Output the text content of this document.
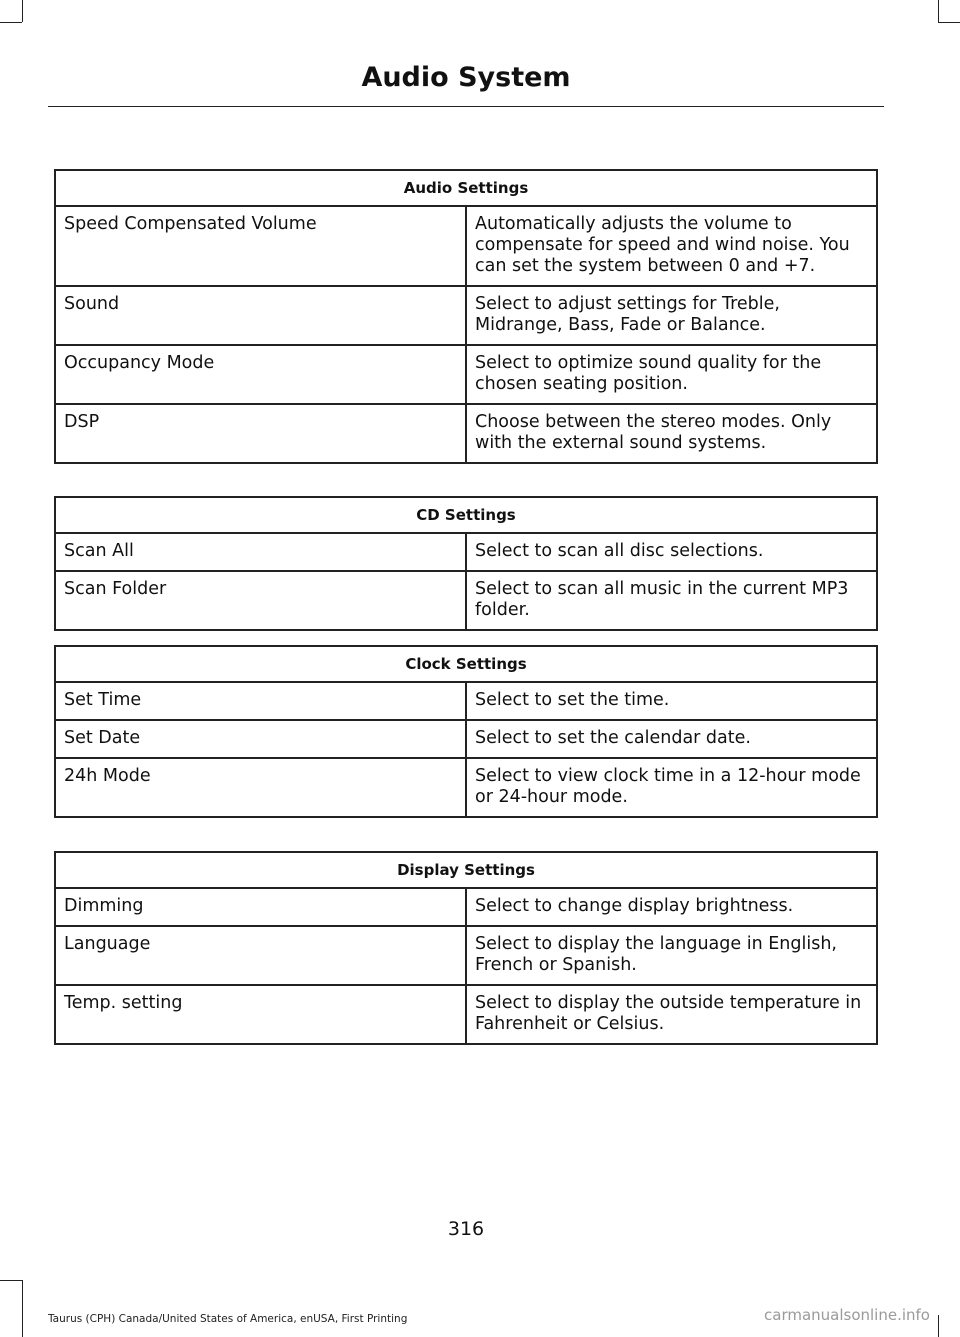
Audio System
Audio Settings	
Speed Compensated Volume	Automatically adjusts the volume to compensate for speed and wind noise. You can set the system between 0 and +7.
Sound	Select to adjust settings for Treble, Midrange, Bass, Fade or Balance.
Occupancy Mode	Select to optimize sound quality for the chosen seating position.
DSP	Choose between the stereo modes. Only with the external sound systems.
CD Settings	
Scan All	Select to scan all disc selections.
Scan Folder	Select to scan all music in the current MP3 folder.
Clock Settings	
Set Time	Select to set the time.
Set Date	Select to set the calendar date.
24h Mode	Select to view clock time in a 12-hour mode or 24-hour mode.
Display Settings	
Dimming	Select to change display brightness.
Language	Select to display the language in English, French or Spanish.
Temp. setting	Select to display the outside temperature in Fahrenheit or Celsius.
316
Taurus (CPH) Canada/United States of America, enUSA, First Printing	carmanualsonline.info
